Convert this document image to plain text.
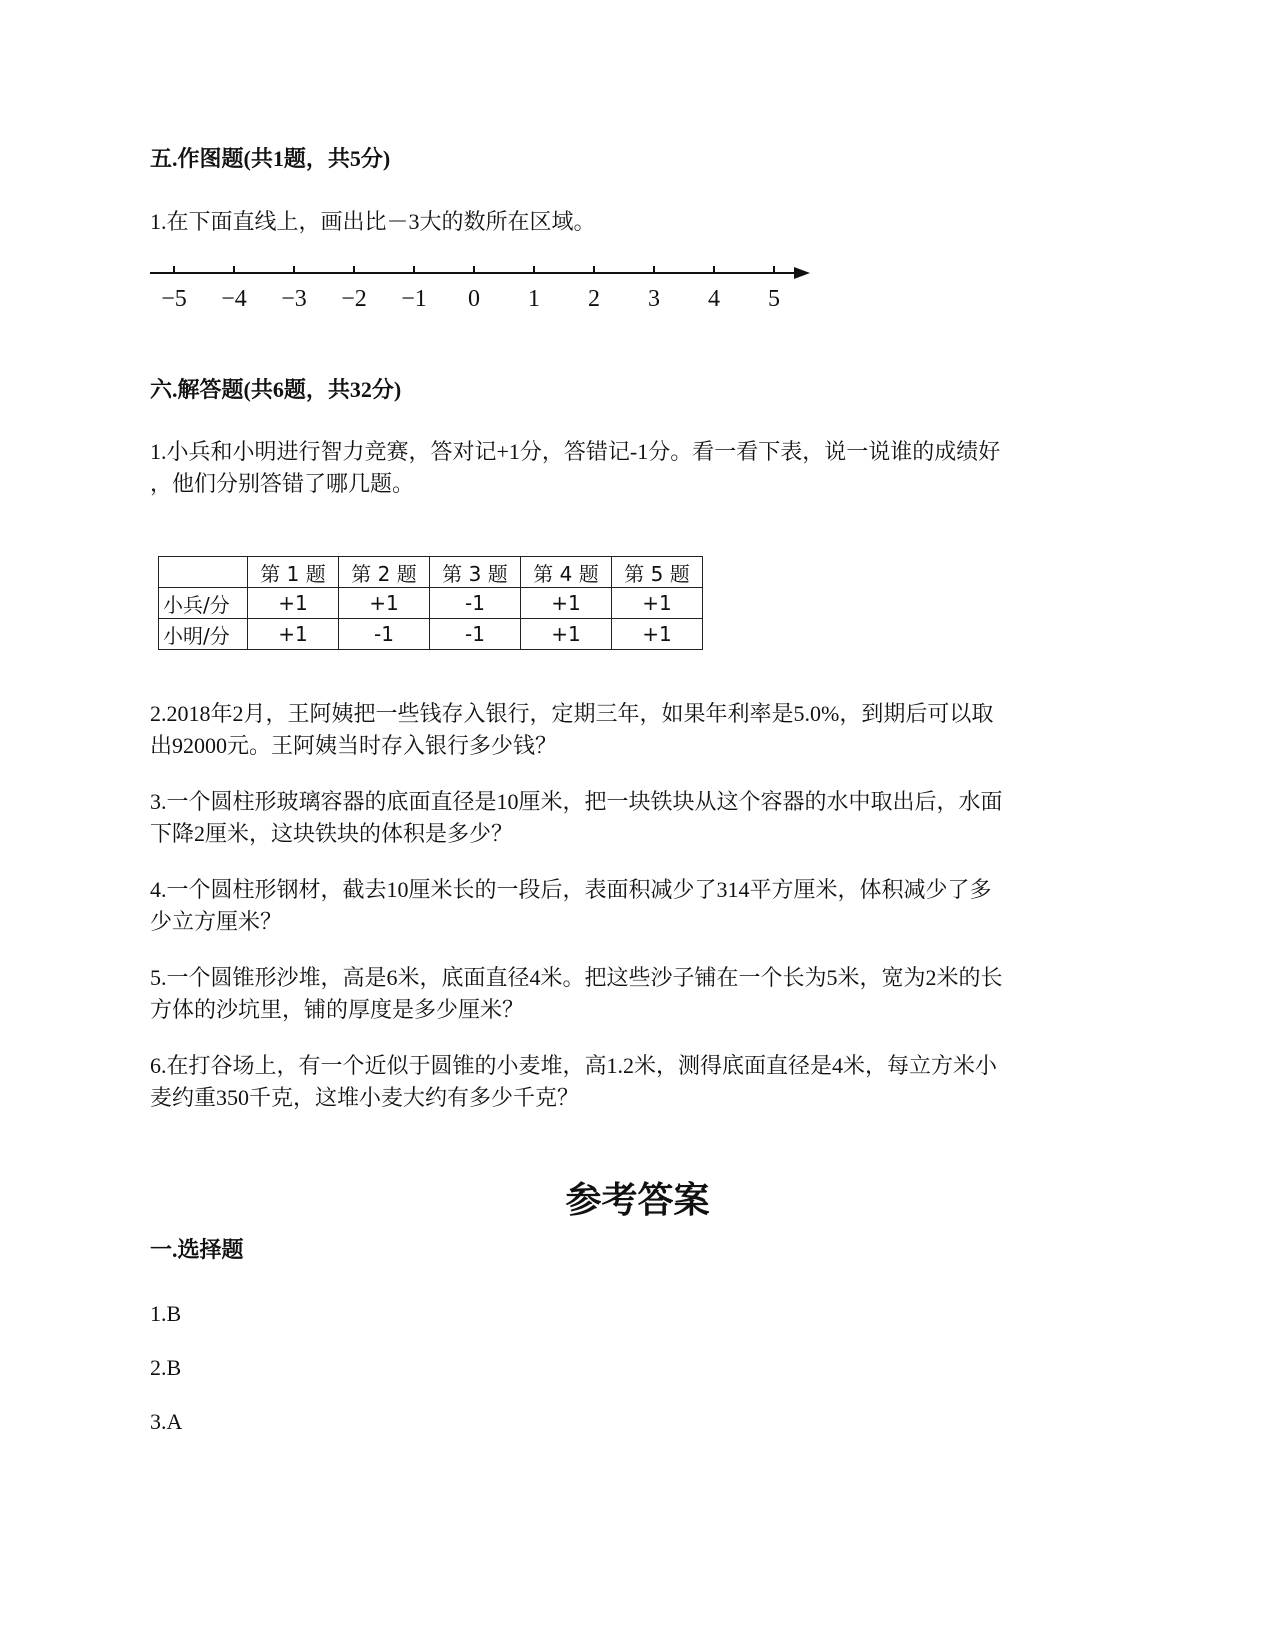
五.作图题(共1题，共5分)
1.在下面直线上，画出比－3大的数所在区域。
−5 −4 −3 −2 −1 0 1 2 3 4 5
六.解答题(共6题，共32分)
1.小兵和小明进行智力竞赛，答对记+1分，答错记-1分。看一看下表，说一说谁的成绩好
，他们分别答错了哪几题。
	第 1 题	第 2 题	第 3 题	第 4 题	第 5 题
小兵/分	+1	+1	-1	+1	+1
小明/分	+1	-1	-1	+1	+1
2.2018年2月，王阿姨把一些钱存入银行，定期三年，如果年利率是5.0%，到期后可以取
出92000元。王阿姨当时存入银行多少钱？
3.一个圆柱形玻璃容器的底面直径是10厘米，把一块铁块从这个容器的水中取出后，水面
下降2厘米，这块铁块的体积是多少？
4.一个圆柱形钢材，截去10厘米长的一段后，表面积减少了314平方厘米，体积减少了多
少立方厘米？
5.一个圆锥形沙堆，高是6米，底面直径4米。把这些沙子铺在一个长为5米，宽为2米的长
方体的沙坑里，铺的厚度是多少厘米？
6.在打谷场上，有一个近似于圆锥的小麦堆，高1.2米，测得底面直径是4米，每立方米小
麦约重350千克，这堆小麦大约有多少千克？
参考答案
一.选择题
1.B
2.B
3.A
